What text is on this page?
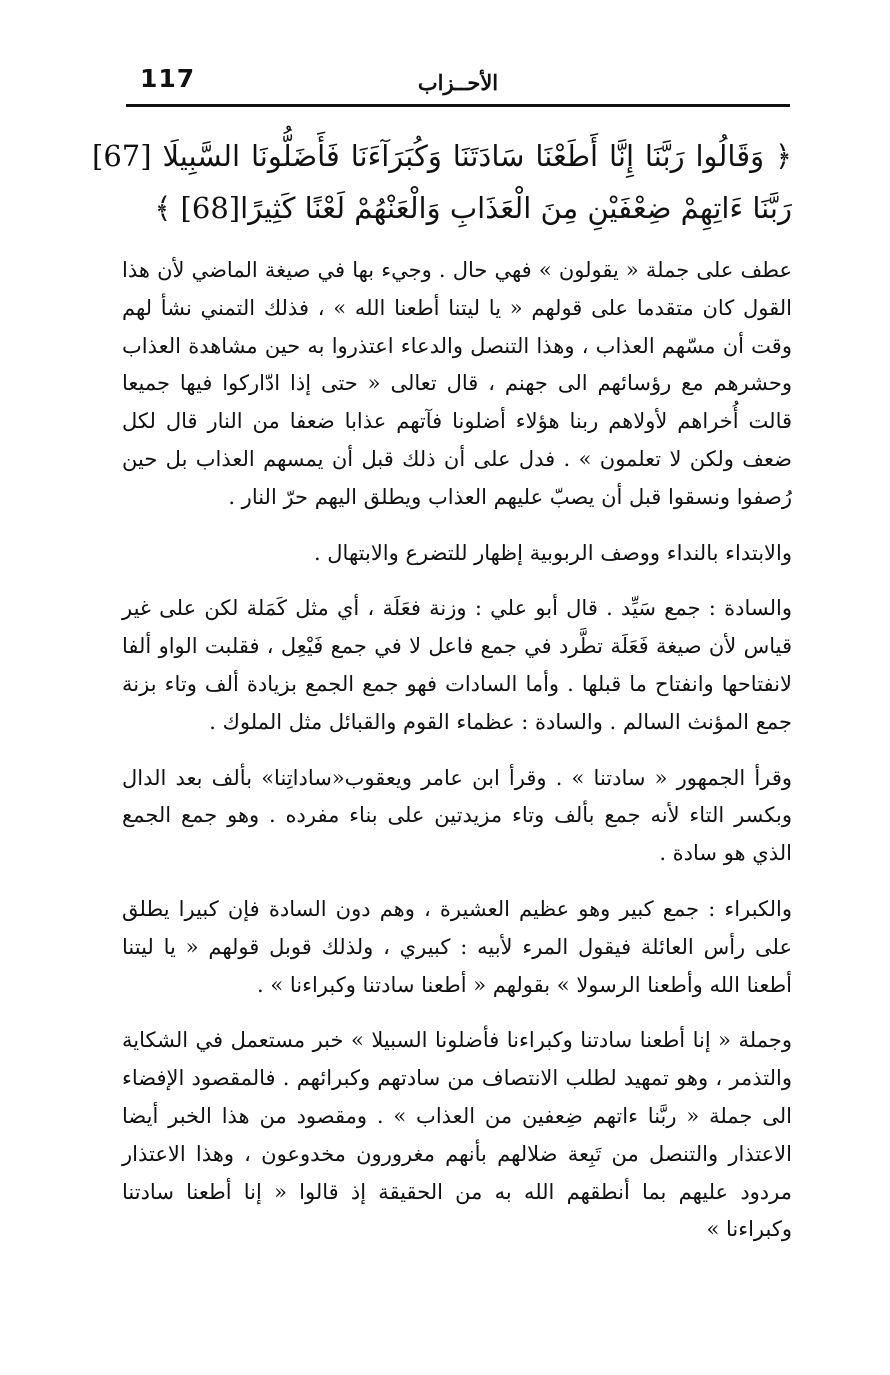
117	الأحــزاب
﴿ وَقَالُوا رَبَّنَا إِنَّا أَطَعْنَا سَادَتَنَا وَكُبَرَآءَنَا فَأَضَلُّونَا السَّبِيلَا [67] رَبَّنَا ءَاتِهِمْ ضِعْفَيْنِ مِنَ الْعَذَابِ وَالْعَنْهُمْ لَعْنًا كَثِيرًا[68] ﴾

عطف على جملة « يقولون » فهي حال . وجيء بها في صيغة الماضي لأن هذا القول كان متقدما على قولهم « يا ليتنا أطعنا الله » ، فذلك التمني نشأ لهم وقت أن مسّهم العذاب ، وهذا التنصل والدعاء اعتذروا به حين مشاهدة العذاب وحشرهم مع رؤسائهم الى جهنم ، قال تعالى « حتى إذا ادّاركوا فيها جميعا قالت أُخراهم لأولاهم ربنا هؤلاء أضلونا فآتهم عذابا ضعفا من النار قال لكل ضعف ولكن لا تعلمون » . فدل على أن ذلك قبل أن يمسهم العذاب بل حين رُصفوا ونسقوا قبل أن يصبّ عليهم العذاب ويطلق اليهم حرّ النار .

والابتداء بالنداء ووصف الربوبية إظهار للتضرع والابتهال .

والسادة : جمع سَيِّد . قال أبو علي : وزنة فعَلَة ، أي مثل كَمَلة لكن على غير قياس لأن صيغة فَعَلَة تطَّرد في جمع فاعل لا في جمع فَيْعِل ، فقلبت الواو ألفا لانفتاحها وانفتاح ما قبلها . وأما السادات فهو جمع الجمع بزيادة ألف وتاء بزنة جمع المؤنث السالم . والسادة : عظماء القوم والقبائل مثل الملوك .

وقرأ الجمهور « سادتنا » . وقرأ ابن عامر ويعقوب«ساداتِنا» بألف بعد الدال وبكسر التاء لأنه جمع بألف وتاء مزيدتين على بناء مفرده . وهو جمع الجمع الذي هو سادة .

والكبراء : جمع كبير وهو عظيم العشيرة ، وهم دون السادة فإن كبيرا يطلق على رأس العائلة فيقول المرء لأبيه : كبيري ، ولذلك قوبل قولهم « يا ليتنا أطعنا الله وأطعنا الرسولا » بقولهم « أطعنا سادتنا وكبراءنا » .

وجملة « إنا أطعنا سادتنا وكبراءنا فأضلونا السبيلا » خبر مستعمل في الشكاية والتذمر ، وهو تمهيد لطلب الانتصاف من سادتهم وكبرائهم . فالمقصود الإفضاء الى جملة « ربَّنا ءاتهم ضِعفين من العذاب » . ومقصود من هذا الخبر أيضا الاعتذار والتنصل من تَبِعة ضلالهم بأنهم مغرورون مخدوعون ، وهذا الاعتذار مردود عليهم بما أنطقهم الله به من الحقيقة إذ قالوا « إنا أطعنا سادتنا وكبراءنا »
